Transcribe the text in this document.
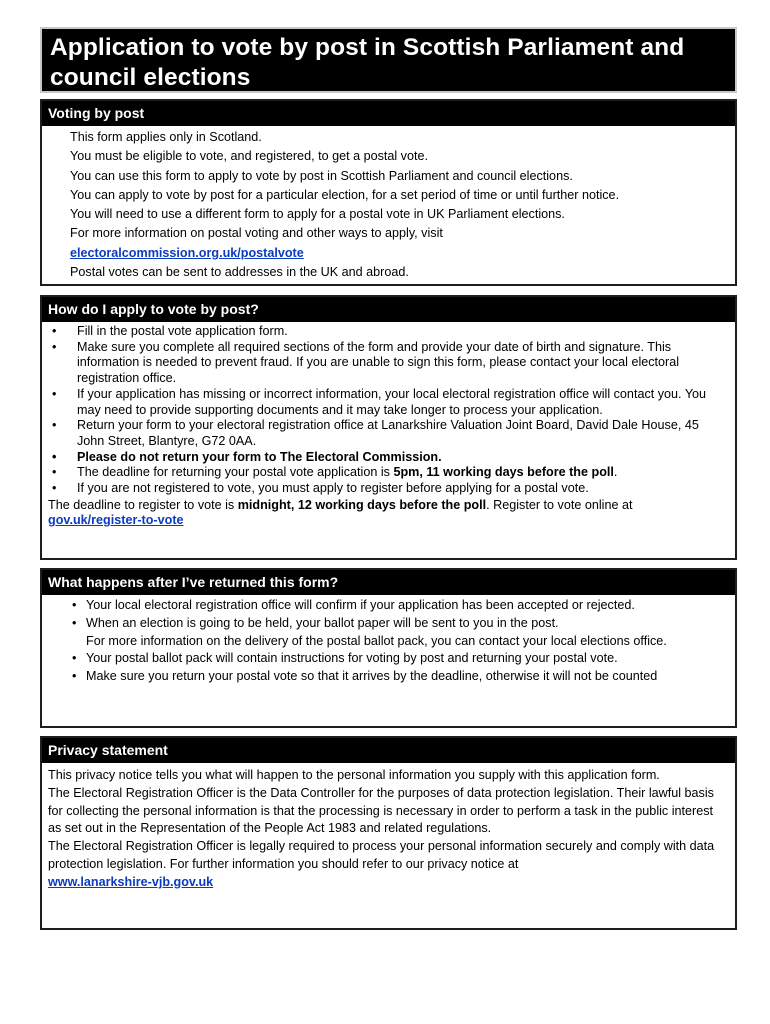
Application to vote by post in Scottish Parliament and council elections
Voting by post

This form applies only in Scotland.

You must be eligible to vote, and registered, to get a postal vote.

You can use this form to apply to vote by post in Scottish Parliament and council elections.

You can apply to vote by post for a particular election, for a set period of time or until further notice.

You will need to use a different form to apply for a postal vote in UK Parliament elections.

For more information on postal voting and other ways to apply, visit

electoralcommission.org.uk/postalvote

Postal votes can be sent to addresses in the UK and abroad.

How do I apply to vote by post?
• Fill in the postal vote application form.
• Make sure you complete all required sections of the form and provide your date of birth and signature. This information is needed to prevent fraud. If you are unable to sign this form, please contact your local electoral registration office.
• If your application has missing or incorrect information, your local electoral registration office will contact you. You may need to provide supporting documents and it may take longer to process your application.
• Return your form to your electoral registration office at Lanarkshire Valuation Joint Board, David Dale House, 45 John Street, Blantyre, G72 0AA.
• Please do not return your form to The Electoral Commission.
• The deadline for returning your postal vote application is 5pm, 11 working days before the poll.
• If you are not registered to vote, you must apply to register before applying for a postal vote.

The deadline to register to vote is midnight, 12 working days before the poll. Register to vote online at gov.uk/register-to-vote

What happens after I’ve returned this form?
• Your local electoral registration office will confirm if your application has been accepted or rejected.
• When an election is going to be held, your ballot paper will be sent to you in the post.
For more information on the delivery of the postal ballot pack, you can contact your local elections office.
• Your postal ballot pack will contain instructions for voting by post and returning your postal vote.
• Make sure you return your postal vote so that it arrives by the deadline, otherwise it will not be counted
Privacy statement

This privacy notice tells you what will happen to the personal information you supply with this application form.

The Electoral Registration Officer is the Data Controller for the purposes of data protection legislation. Their lawful basis for collecting the personal information is that the processing is necessary in order to perform a task in the public interest as set out in the Representation of the People Act 1983 and related regulations.

The Electoral Registration Officer is legally required to process your personal information securely and comply with data protection legislation. For further information you should refer to our privacy notice at

www.lanarkshire-vjb.gov.uk
